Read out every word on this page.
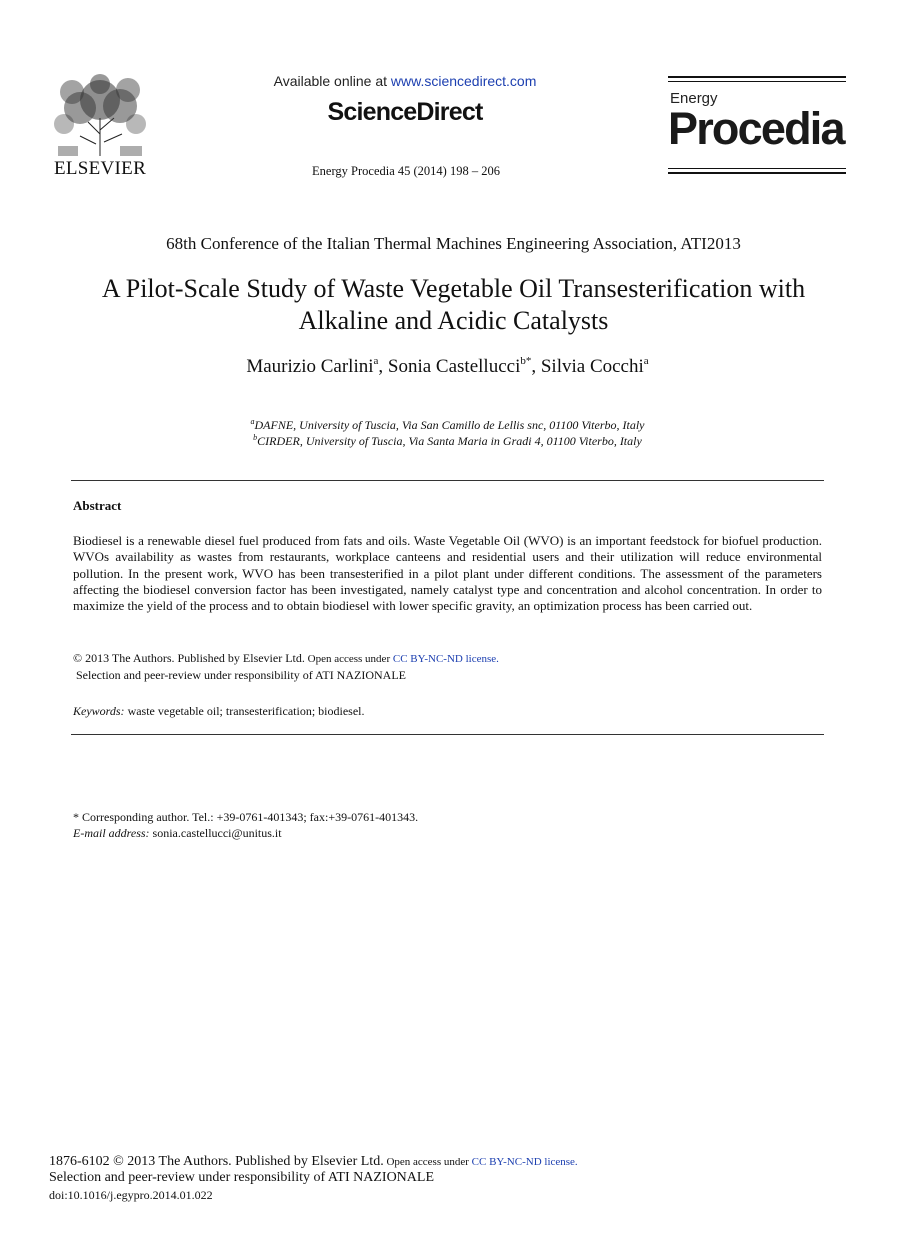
ELSEVIER
Available online at www.sciencedirect.com
ScienceDirect
Energy Procedia 45 (2014) 198 – 206
Energy
Procedia
68th Conference of the Italian Thermal Machines Engineering Association, ATI2013
A Pilot-Scale Study of Waste Vegetable Oil Transesterification with
Alkaline and Acidic Catalysts
Maurizio Carlini$^a$, Sonia Castellucci$^{b*}$, Silvia Cocchi$^a$
$^a$DAFNE, University of Tuscia, Via San Camillo de Lellis snc, 01100 Viterbo, Italy
$^b$CIRDER, University of Tuscia, Via Santa Maria in Gradi 4, 01100 Viterbo, Italy
Abstract
Biodiesel is a renewable diesel fuel produced from fats and oils. Waste Vegetable Oil (WVO) is an important feedstock for biofuel production. WVOs availability as wastes from restaurants, workplace canteens and residential users and their utilization will reduce environmental pollution. In the present work, WVO has been transesterified in a pilot plant under different conditions. The assessment of the parameters affecting the biodiesel conversion factor has been investigated, namely catalyst type and concentration and alcohol concentration. In order to maximize the yield of the process and to obtain biodiesel with lower specific gravity, an optimization process has been carried out.
© 2013 The Authors. Published by Elsevier Ltd. Open access under CC BY-NC-ND license.
Selection and peer-review under responsibility of ATI NAZIONALE
Keywords: waste vegetable oil; transesterification; biodiesel.
* Corresponding author. Tel.: +39-0761-401343; fax:+39-0761-401343.
E-mail address: sonia.castellucci@unitus.it
1876-6102 © 2013 The Authors. Published by Elsevier Ltd. Open access under CC BY-NC-ND license.
Selection and peer-review under responsibility of ATI NAZIONALE
doi:10.1016/j.egypro.2014.01.022
